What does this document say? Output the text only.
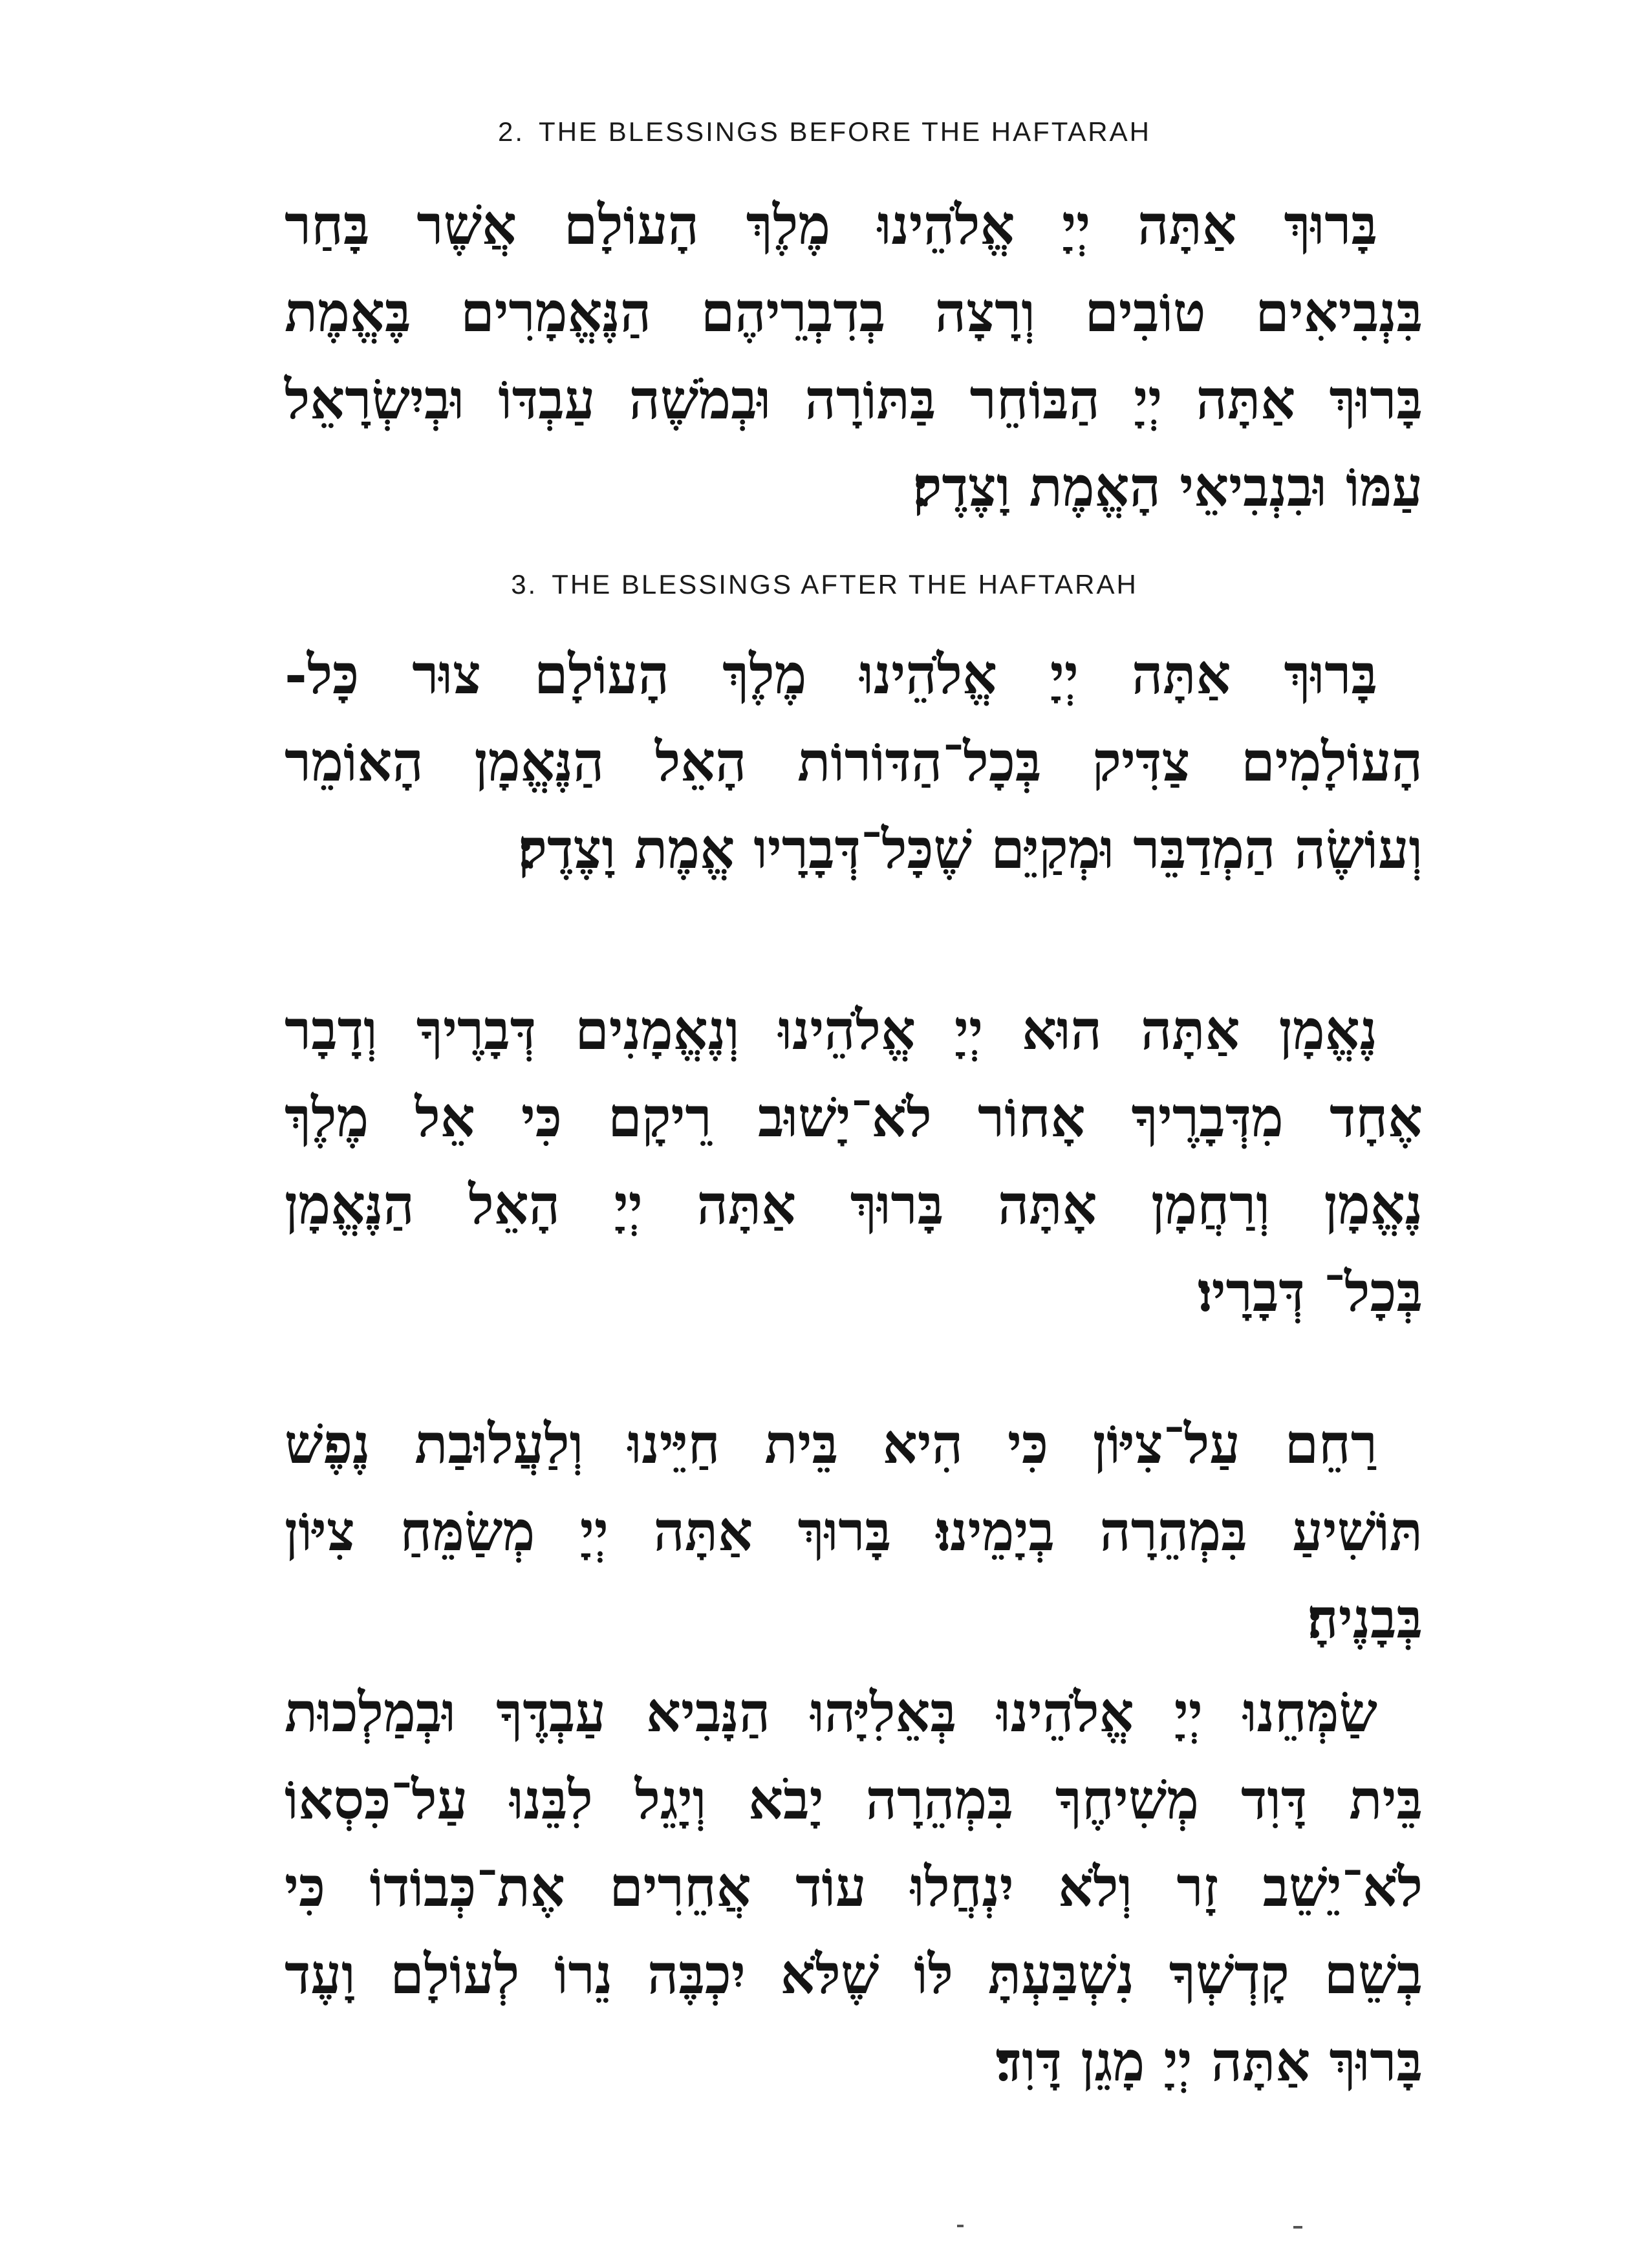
2. THE BLESSINGS BEFORE THE HAFTARAH
בָּרוּךְ אַתָּה יְיָ אֱלֹהֵינוּ מֶלֶךְ הָעוֹלָם אֲשֶׁר בָּחַר
בִּנְבִיאִים טוֹבִים וְרָצָה בְדִבְרֵיהֶם הַנֶּאֱמָרִים בֶּאֱמֶת
בָּרוּךְ אַתָּה יְיָ הַבּוֹחֵר בַּתּוֹרָה וּבְמֹשֶׁה עַבְדּוֹ וּבְיִשְׂרָאֵל
עַמּוֹ וּבִנְבִיאֵי הָאֱמֶת וָצֶדֶק׃
3. THE BLESSINGS AFTER THE HAFTARAH
בָּרוּךְ אַתָּה יְיָ אֱלֹהֵינוּ מֶלֶךְ הָעוֹלָם צוּר כָּל-
הָעוֹלָמִים צַדִּיק בְּכָל־הַדּוֹרוֹת הָאֵל הַנֶּאֱמָן הָאוֹמֵר
וְעוֹשֶׂה הַמְדַבֵּר וּמְקַיֵּם שֶׁכָּל־דְּבָרָיו אֱמֶת וָצֶדֶק׃
נֶאֱמָן אַתָּה הוּא יְיָ אֱלֹהֵינוּ וְנֶאֱמָנִים דְּבָרֶיךָ וְדָבָר
אֶחָד מִדְּבָרֶיךָ אָחוֹר לֹא־יָשׁוּב רֵיקָם כִּי אֵל מֶלֶךְ
נֶאֱמָן וְרַחֲמָן אָתָּה בָּרוּךְ אַתָּה יְיָ הָאֵל הַנֶּאֱמָן
בְּכָל־ דְּבָרָיו׃
רַחֵם עַל־צִיּוֹן כִּי הִיא בֵּית חַיֵּינוּ וְלַעֲלוּבַת נֶפֶשׁ
תּוֹשִׁיעַ בִּמְהֵרָה בְיָמֵינוּ׃ בָּרוּךְ אַתָּה יְיָ מְשַׂמֵּחַ צִיּוֹן
בְּבָנֶיהָ׃
שַׂמְּחֵנוּ יְיָ אֱלֹהֵינוּ בְּאֵלִיָּהוּ הַנָּבִיא עַבְדֶּךָ וּבְמַלְכוּת
בֵּית דָּוִד מְשִׁיחֶךָ בִּמְהֵרָה יָבֹא וְיָגֵל לִבֵּנוּ עַל־כִּסְאוֹ
לֹא־יֵשֵׁב זָר וְלֹא יִנְחֲלוּ עוֹד אֲחֵרִים אֶת־כְּבוֹדוֹ כִּי
בְשֵׁם קָדְשְׁךָ נִשְׁבַּעְתָּ לּוֹ שֶׁלֹּא יִכְבֶּה נֵרוֹ לְעוֹלָם וָעֶד
בָּרוּךְ אַתָּה יְיָ מָגֵן דָּוִד׃
